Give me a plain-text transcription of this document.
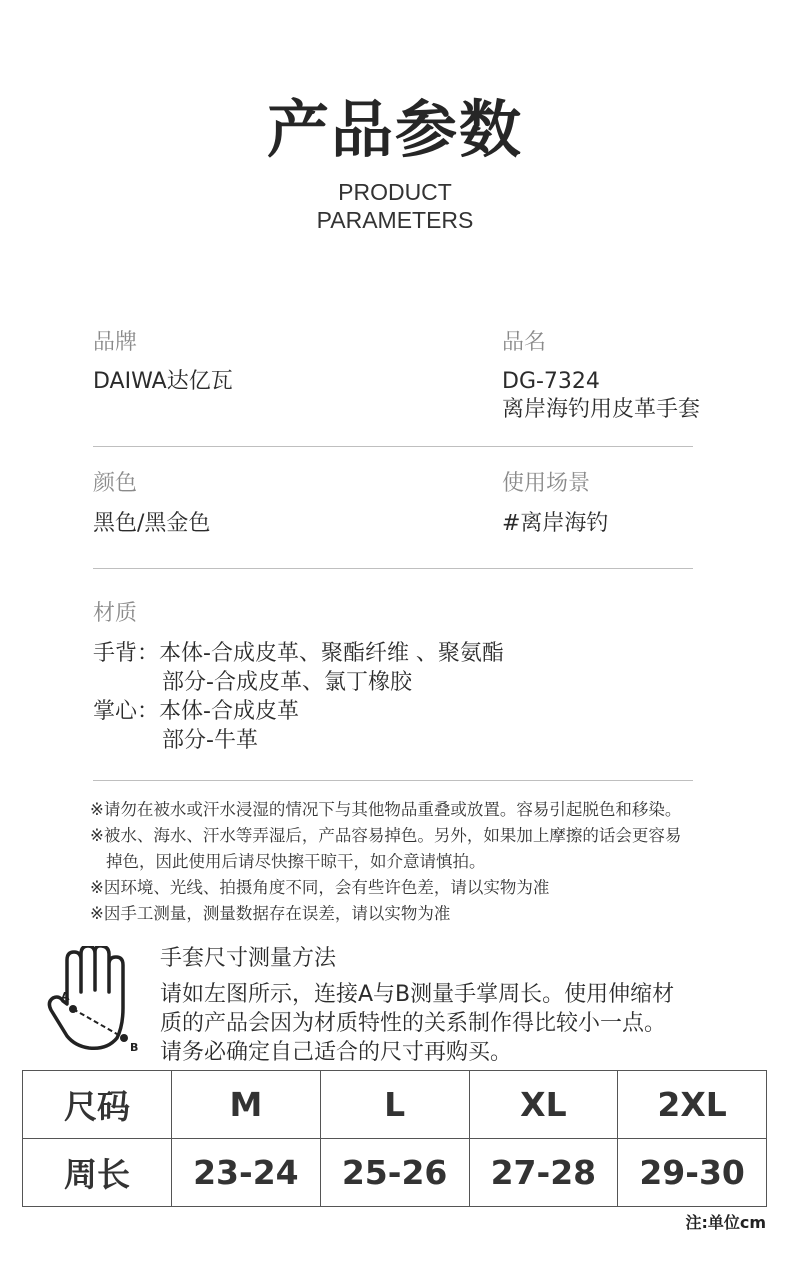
产品参数
PRODUCT
PARAMETERS
品牌
DAIWA达亿瓦
品名
DG-7324
离岸海钓用皮革手套
颜色
黑色/黑金色
使用场景
#离岸海钓
材质
手背：本体-合成皮革、聚酯纤维 、聚氨酯
部分-合成皮革、氯丁橡胶
掌心：本体-合成皮革
部分-牛革
※请勿在被水或汗水浸湿的情况下与其他物品重叠或放置。容易引起脱色和移染。
※被水、海水、汗水等弄湿后，产品容易掉色。另外，如果加上摩擦的话会更容易
掉色，因此使用后请尽快擦干晾干，如介意请慎拍。
※因环境、光线、拍摄角度不同，会有些许色差，请以实物为准
※因手工测量，测量数据存在误差，请以实物为准
A
B
手套尺寸测量方法
请如左图所示，连接A与B测量手掌周长。使用伸缩材
质的产品会因为材质特性的关系制作得比较小一点。
请务必确定自己适合的尺寸再购买。
尺码	M	L	XL	2XL
周长	23-24	25-26	27-28	29-30
注:单位cm
